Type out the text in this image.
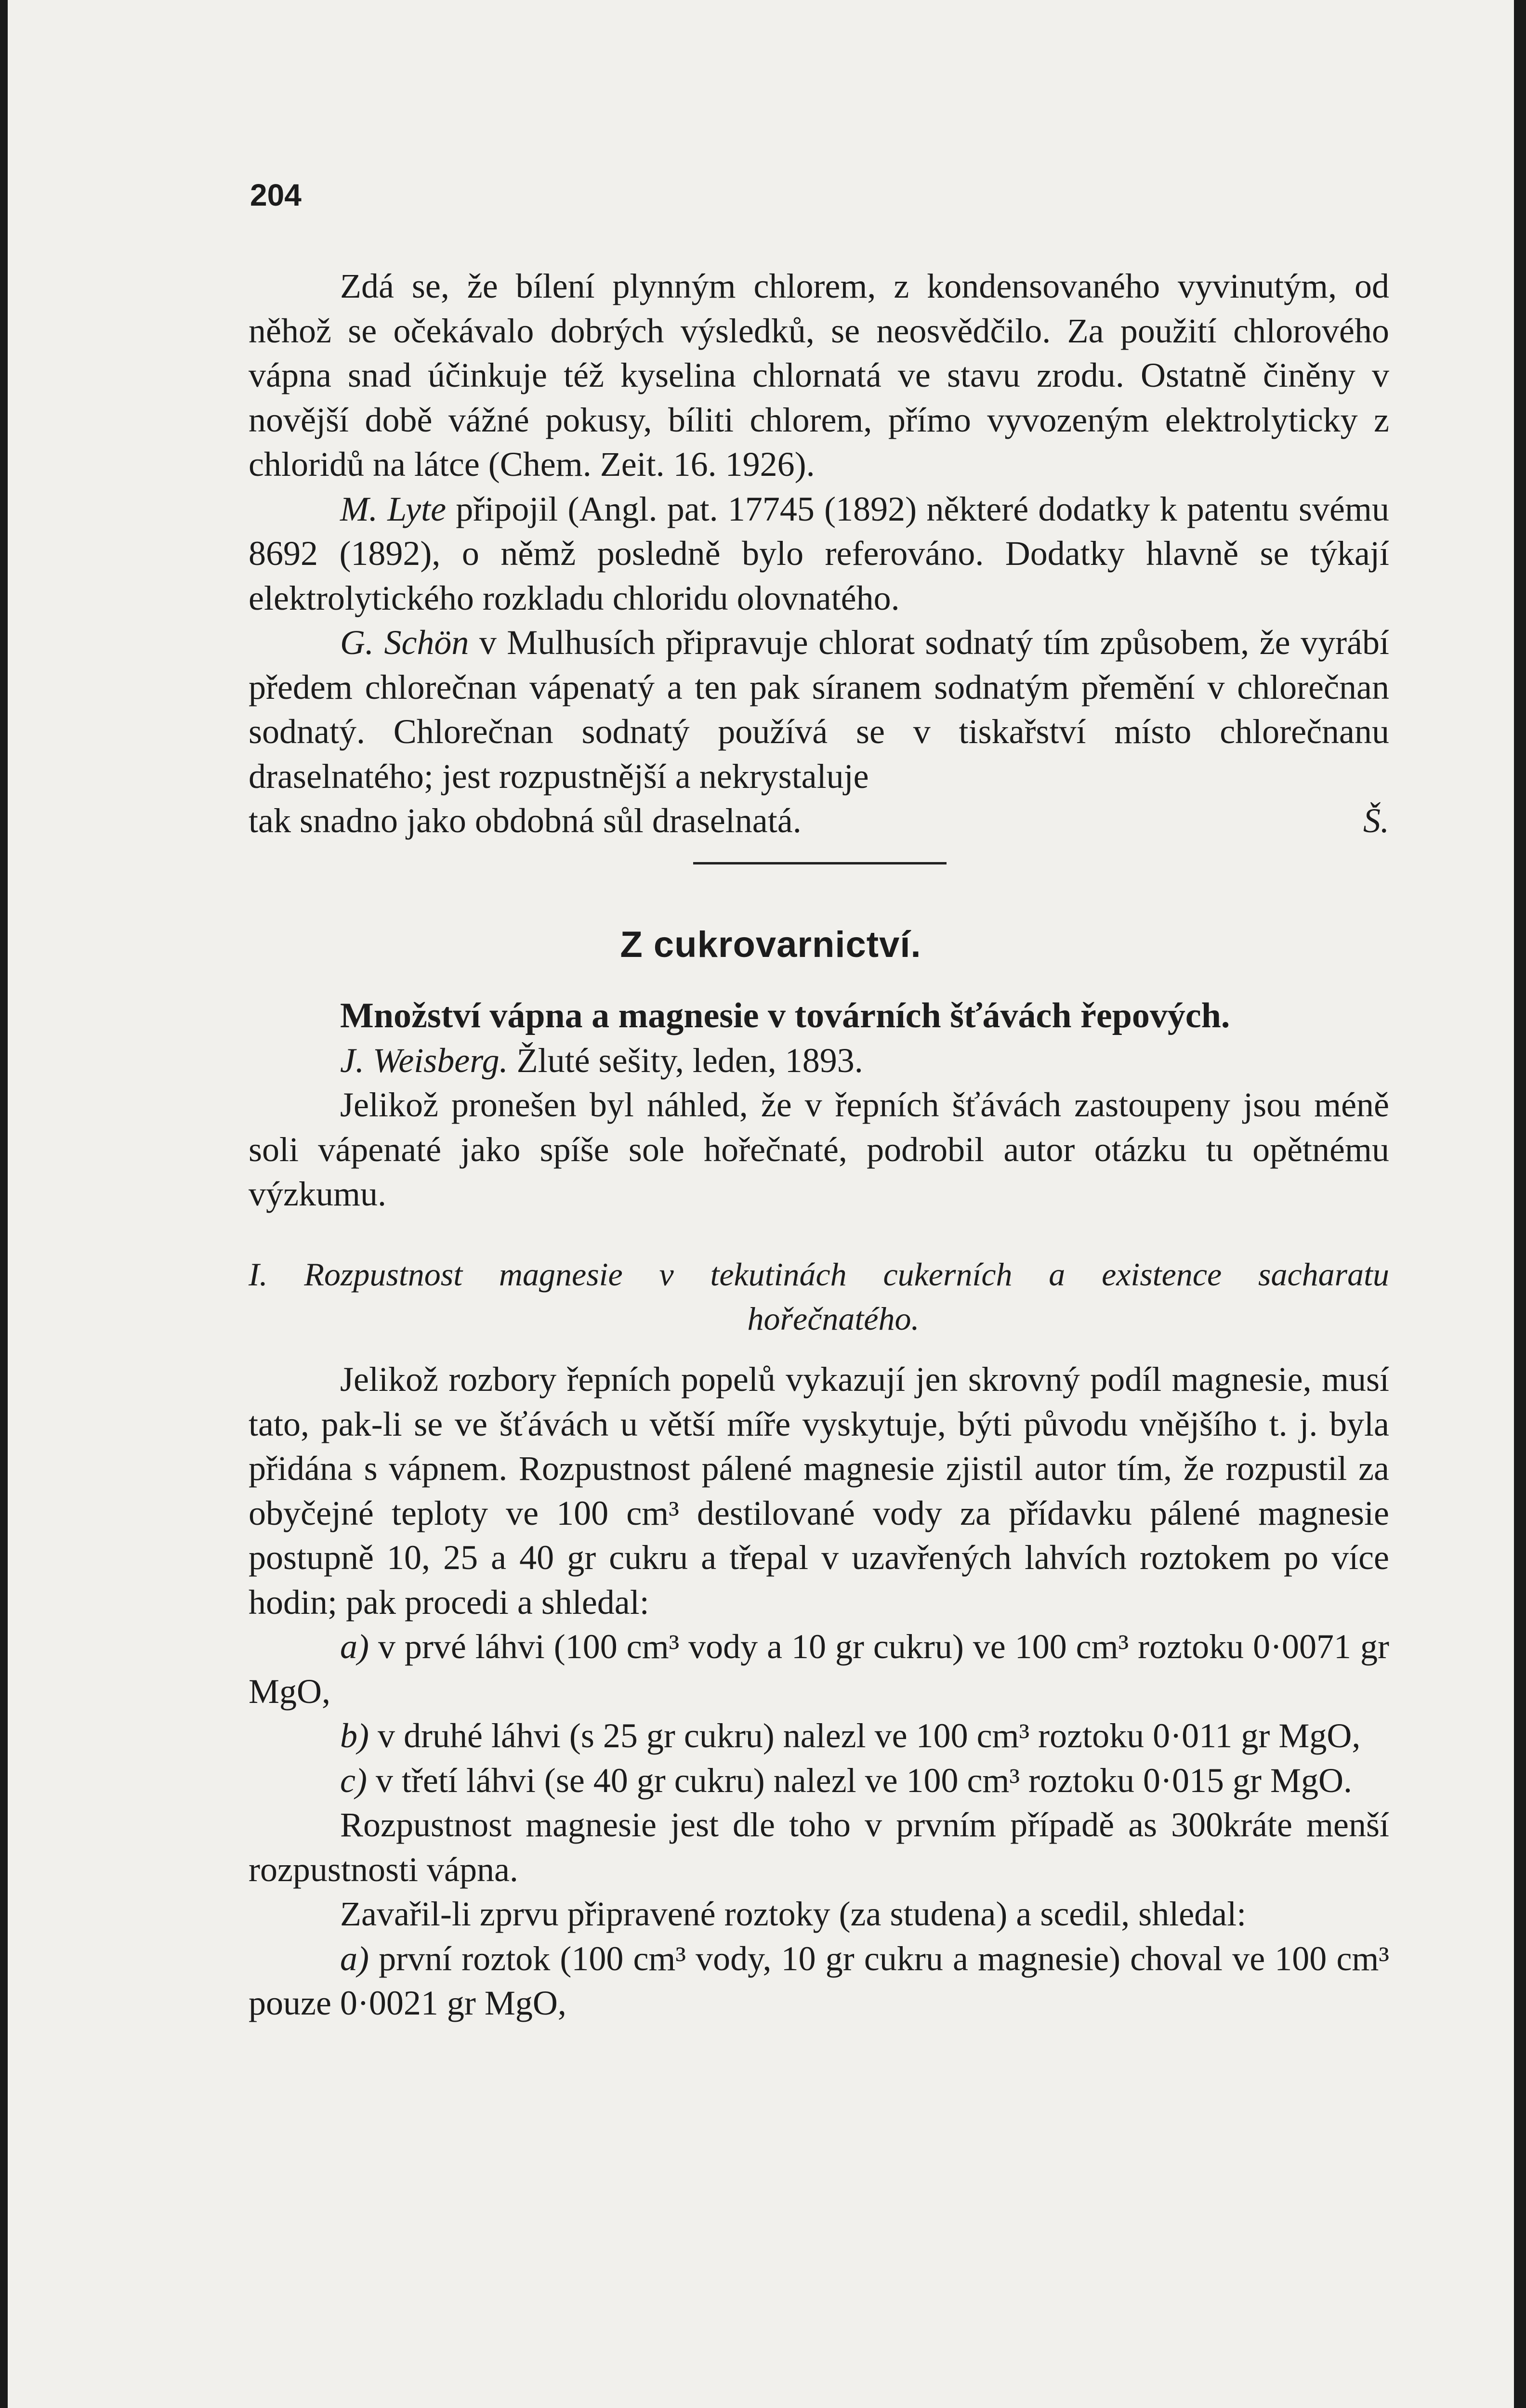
204

Zdá se, že bílení plynným chlorem, z kondensovaného vyvinutým, od něhož se očekávalo dobrých výsledků, se neosvědčilo. Za použití chlorového vápna snad účinkuje též kyselina chlornatá ve stavu zrodu. Ostatně činěny v novější době vážné pokusy, bíliti chlorem, přímo vyvozeným elektrolyticky z chloridů na látce (Chem. Zeit. 16. 1926).

M. Lyte připojil (Angl. pat. 17745 (1892) některé dodatky k patentu svému 8692 (1892), o němž posledně bylo referováno. Dodatky hlavně se týkají elektrolytického rozkladu chloridu olovnatého.

G. Schön v Mulhusích připravuje chlorat sodnatý tím způsobem, že vyrábí předem chlorečnan vápenatý a ten pak síranem sodnatým přemění v chlorečnan sodnatý. Chlorečnan sodnatý používá se v tiskařství místo chlorečnanu draselnatého; jest rozpustnější a nekrystaluje

tak snadno jako obdobná sůl draselnatá.	Š.

Z cukrovarnictví.

Množství vápna a magnesie v továrních šťávách řepových.

J. Weisberg. Žluté sešity, leden, 1893.

Jelikož pronešen byl náhled, že v řepních šťávách zastoupeny jsou méně soli vápenaté jako spíše sole hořečnaté, podrobil autor otázku tu opětnému výzkumu.

I. Rozpustnost magnesie v tekutinách cukerních a existence sacharatu
hořečnatého.

Jelikož rozbory řepních popelů vykazují jen skrovný podíl magnesie, musí tato, pak-li se ve šťávách u větší míře vyskytuje, býti původu vnějšího t. j. byla přidána s vápnem. Rozpustnost pálené magnesie zjistil autor tím, že rozpustil za obyčejné teploty ve 100 cm³ destilované vody za přídavku pálené magnesie postupně 10, 25 a 40 gr cukru a třepal v uzavřených lahvích roztokem po více hodin; pak procedi a shledal:

a) v prvé láhvi (100 cm³ vody a 10 gr cukru) ve 100 cm³ roztoku 0·0071 gr MgO,

b) v druhé láhvi (s 25 gr cukru) nalezl ve 100 cm³ roztoku 0·011 gr MgO,

c) v třetí láhvi (se 40 gr cukru) nalezl ve 100 cm³ roztoku 0·015 gr MgO.

Rozpustnost magnesie jest dle toho v prvním případě as 300kráte menší rozpustnosti vápna.

Zavařil-li zprvu připravené roztoky (za studena) a scedil, shledal:

a) první roztok (100 cm³ vody, 10 gr cukru a magnesie) choval ve 100 cm³ pouze 0·0021 gr MgO,
